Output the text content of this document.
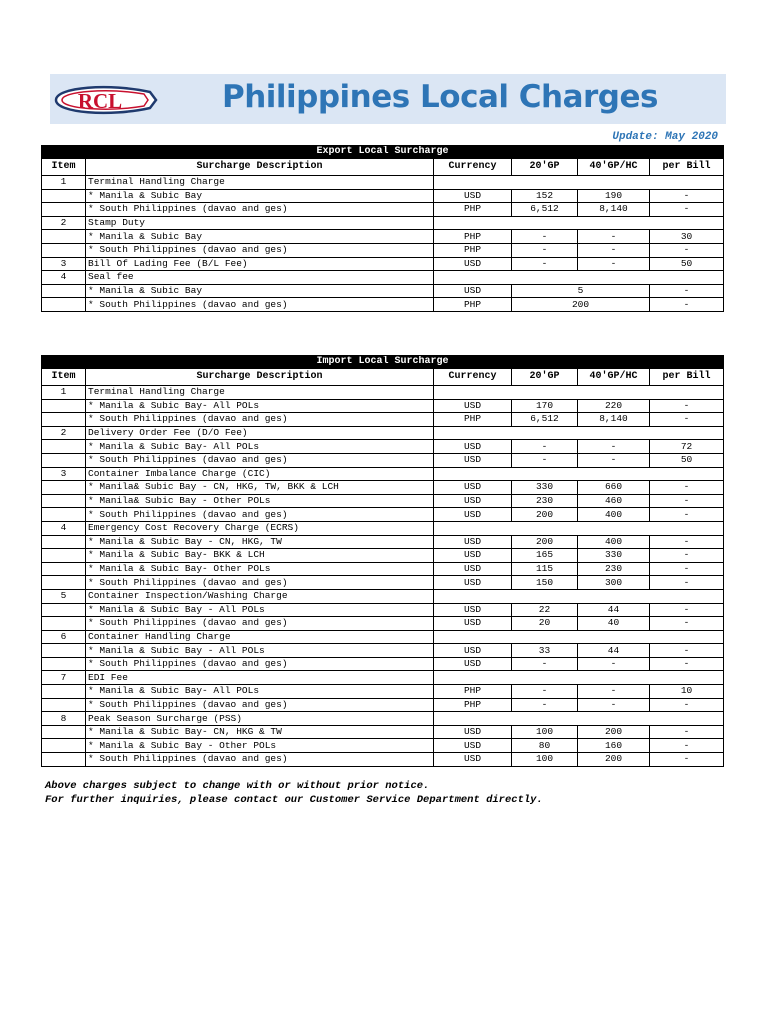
RCL	Philippines Local Charges
Update: May 2020
Export Local Surcharge					
Item	Surcharge Description	Currency	20'GP	40'GP/HC	per Bill
1	Terminal Handling Charge				
	* Manila & Subic Bay	USD	152	190	-
	* South Philippines (davao and ges)	PHP	6,512	8,140	-
2	Stamp Duty				
	* Manila & Subic Bay	PHP	-	-	30
	* South Philippines (davao and ges)	PHP	-	-	-
3	Bill Of Lading Fee (B/L Fee)	USD	-	-	50
4	Seal fee				
	* Manila & Subic Bay	USD	5		-
	* South Philippines (davao and ges)	PHP	200		-
Import Local Surcharge					
Item	Surcharge Description	Currency	20'GP	40'GP/HC	per Bill
1	Terminal Handling Charge				
	* Manila & Subic Bay- All POLs	USD	170	220	-
	* South Philippines (davao and ges)	PHP	6,512	8,140	-
2	Delivery Order Fee (D/O Fee)				
	* Manila & Subic Bay- All POLs	USD	-	-	72
	* South Philippines (davao and ges)	USD	-	-	50
3	Container Imbalance Charge (CIC)				
	* Manila& Subic Bay - CN, HKG, TW, BKK & LCH	USD	330	660	-
	* Manila& Subic Bay - Other POLs	USD	230	460	-
	* South Philippines (davao and ges)	USD	200	400	-
4	Emergency Cost Recovery Charge (ECRS)				
	* Manila & Subic Bay - CN, HKG, TW	USD	200	400	-
	* Manila & Subic Bay- BKK & LCH	USD	165	330	-
	* Manila & Subic Bay- Other POLs	USD	115	230	-
	* South Philippines (davao and ges)	USD	150	300	-
5	Container Inspection/Washing Charge				
	* Manila & Subic Bay - All POLs	USD	22	44	-
	* South Philippines (davao and ges)	USD	20	40	-
6	Container Handling Charge				
	* Manila & Subic Bay - All POLs	USD	33	44	-
	* South Philippines (davao and ges)	USD	-	-	-
7	EDI Fee				
	* Manila & Subic Bay- All POLs	PHP	-	-	10
	* South Philippines (davao and ges)	PHP	-	-	-
8	Peak Season Surcharge (PSS)				
	* Manila & Subic Bay- CN, HKG & TW	USD	100	200	-
	* Manila & Subic Bay - Other POLs	USD	80	160	-
	* South Philippines (davao and ges)	USD	100	200	-
Above charges subject to change with or without prior notice.
For further inquiries, please contact our Customer Service Department directly.
